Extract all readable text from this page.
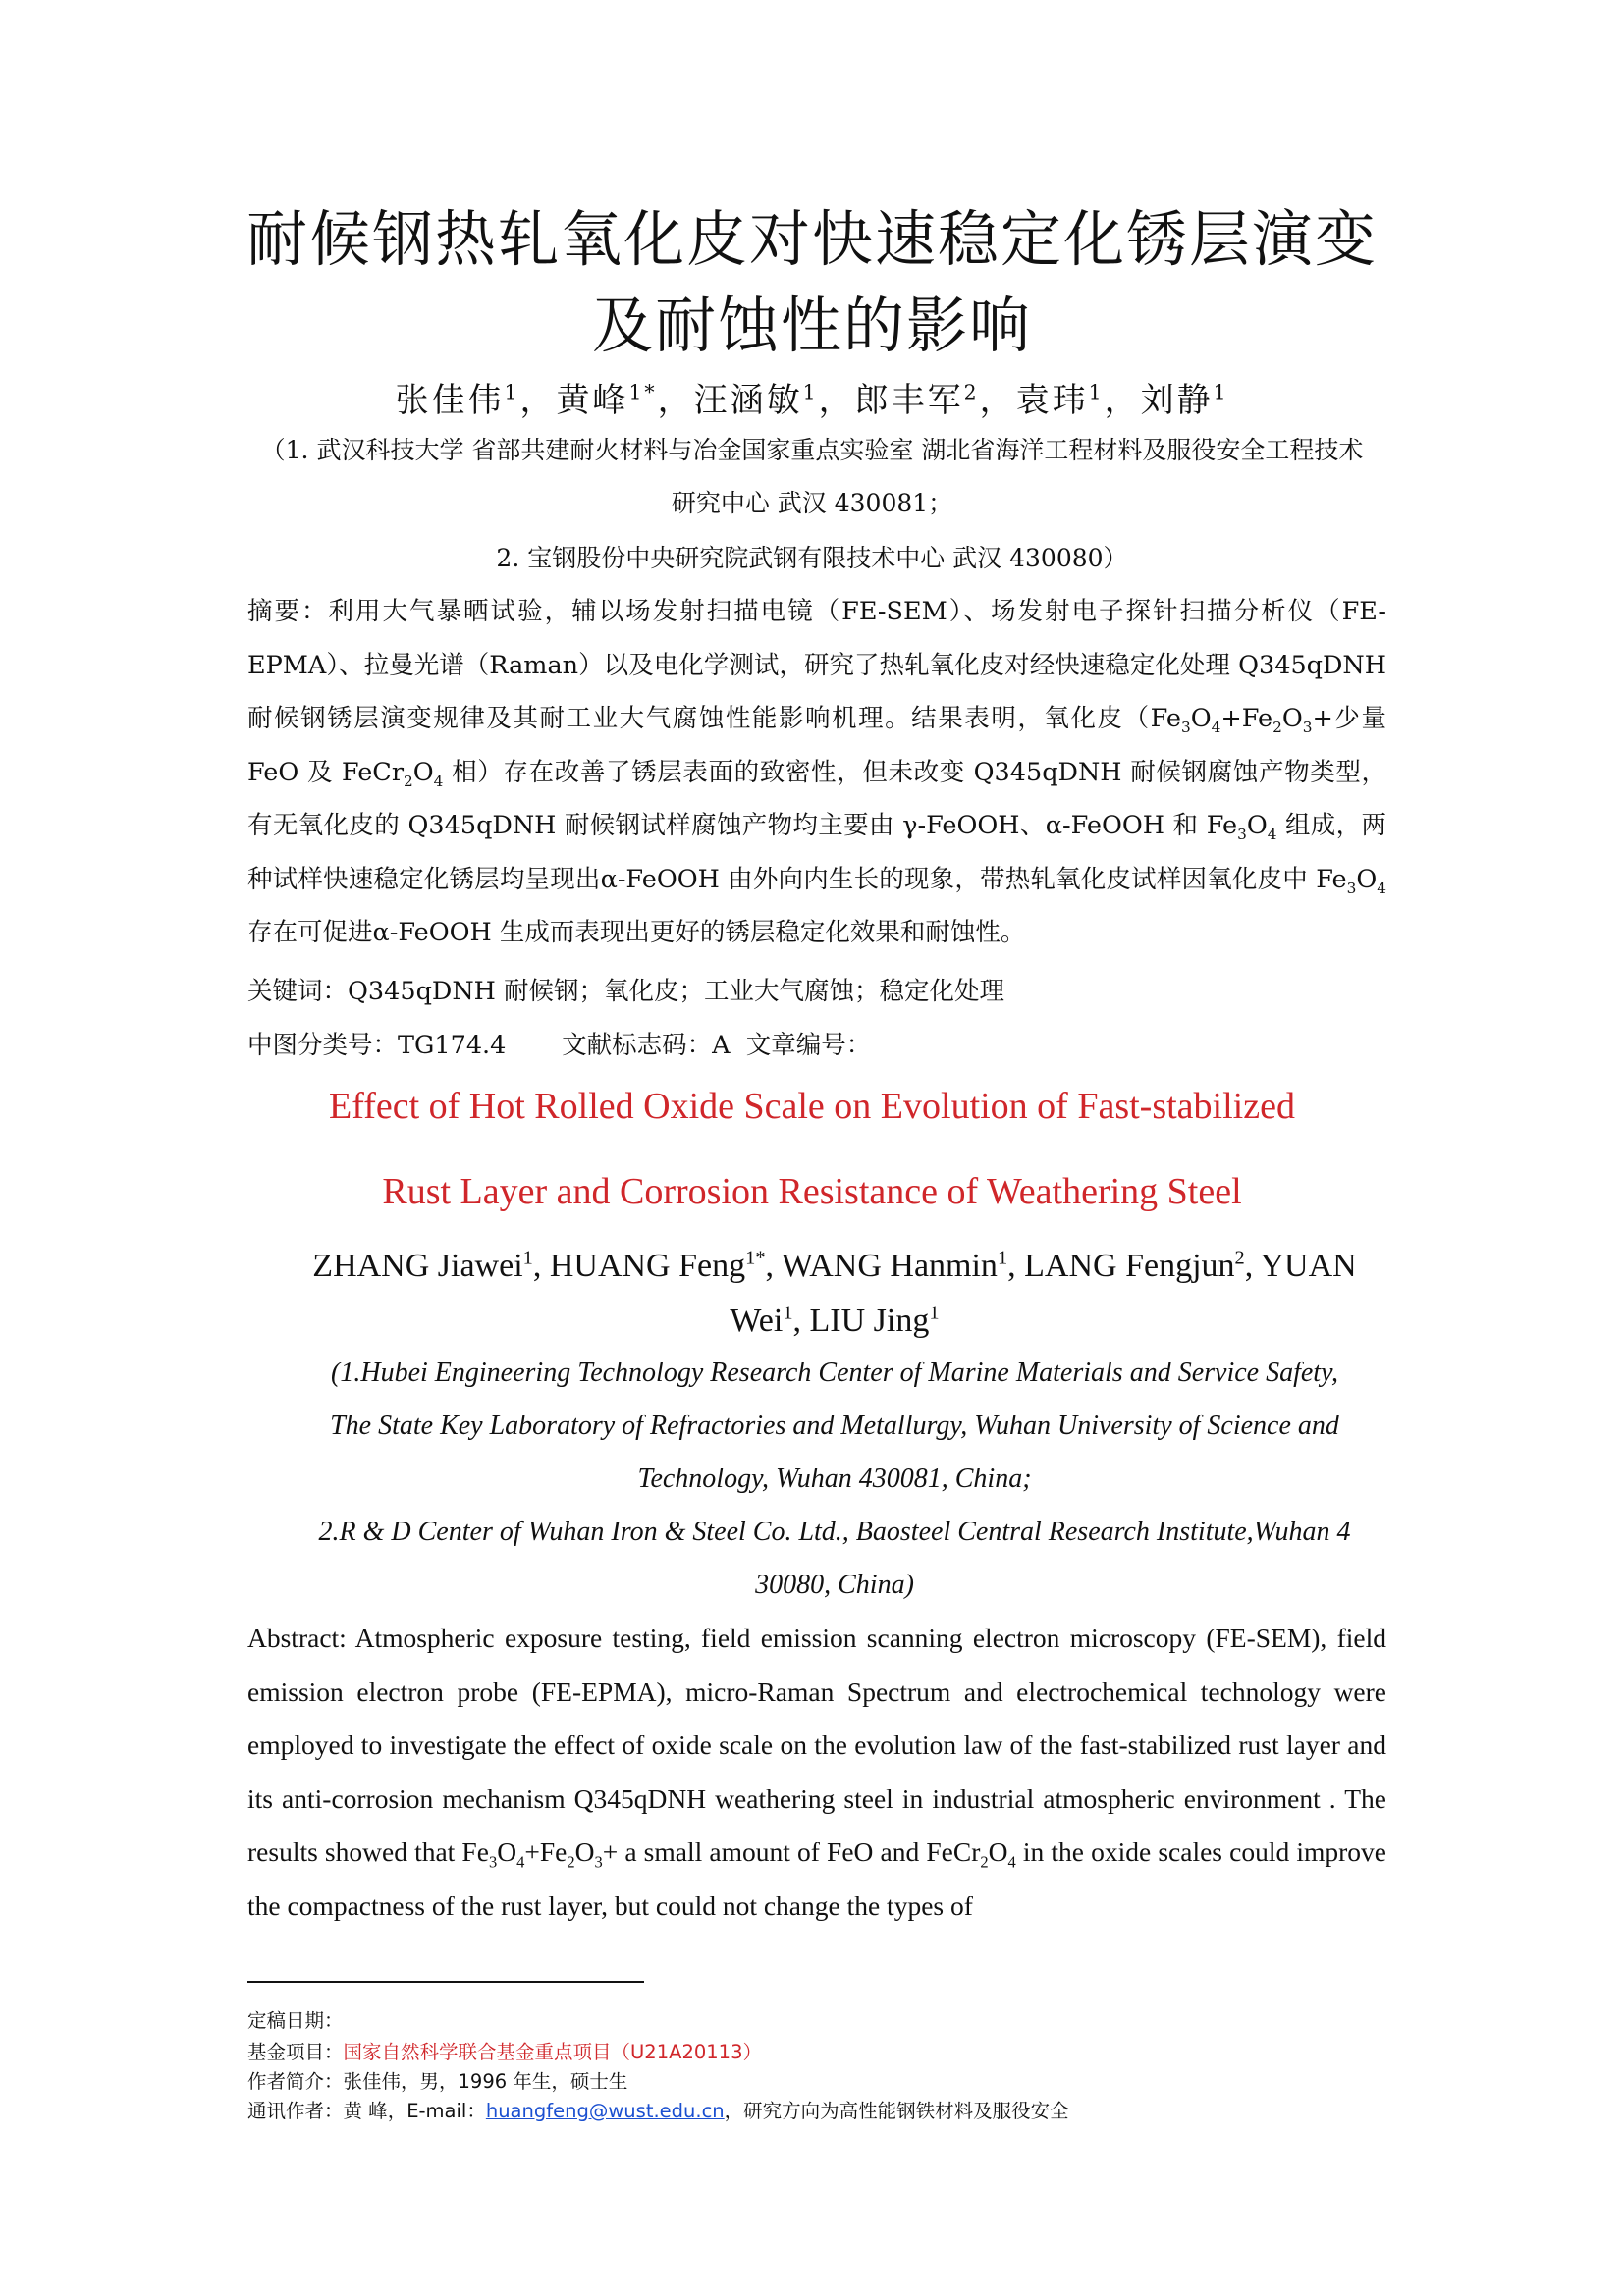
耐候钢热轧氧化皮对快速稳定化锈层演变
及耐蚀性的影响
张佳伟$^1$，黄峰$^{1*}$，汪涵敏$^1$，郎丰军$^2$，袁玮$^1$，刘静$^1$
（1. 武汉科技大学 省部共建耐火材料与冶金国家重点实验室 湖北省海洋工程材料及服役安全工程技术
研究中心 武汉 430081；
2. 宝钢股份中央研究院武钢有限技术中心 武汉 430080）
摘要：利用大气暴晒试验，辅以场发射扫描电镜（FE-SEM）、场发射电子探针扫描分析仪（FE-EPMA）、拉曼光谱（Raman）以及电化学测试，研究了热轧氧化皮对经快速稳定化处理 Q345qDNH 耐候钢锈层演变规律及其耐工业大气腐蚀性能影响机理。结果表明，氧化皮（$Fe_3O_4+Fe_2O_3+$少量 FeO 及 $FeCr_2O_4$ 相）存在改善了锈层表面的致密性，但未改变 Q345qDNH 耐候钢腐蚀产物类型，有无氧化皮的 Q345qDNH 耐候钢试样腐蚀产物均主要由 γ-FeOOH、α-FeOOH 和 $Fe_3O_4$ 组成，两种试样快速稳定化锈层均呈现出α-FeOOH 由外向内生长的现象，带热轧氧化皮试样因氧化皮中 $Fe_3O_4$ 存在可促进α-FeOOH 生成而表现出更好的锈层稳定化效果和耐蚀性。
关键词：Q345qDNH 耐候钢；氧化皮；工业大气腐蚀；稳定化处理
中图分类号：TG174.4 文献标志码：A 文章编号：
Effect of Hot Rolled Oxide Scale on Evolution of Fast-stabilized
Rust Layer and Corrosion Resistance of Weathering Steel
ZHANG Jiawei$^1$, HUANG Feng$^{1*}$, WANG Hanmin$^1$, LANG Fengjun$^2$, YUAN Wei$^1$, LIU Jing$^1$
(1.Hubei Engineering Technology Research Center of Marine Materials and Service Safety,
The State Key Laboratory of Refractories and Metallurgy, Wuhan University of Science and
Technology, Wuhan 430081, China;
2.R & D Center of Wuhan Iron & Steel Co. Ltd., Baosteel Central Research Institute,Wuhan 4
30080, China)
Abstract: Atmospheric exposure testing, field emission scanning electron microscopy (FE-SEM), field emission electron probe (FE-EPMA), micro-Raman Spectrum and electrochemical technology were employed to investigate the effect of oxide scale on the evolution law of the fast-stabilized rust layer and its anti-corrosion mechanism Q345qDNH weathering steel in industrial atmospheric environment . The results showed that $Fe_3O_4+Fe_2O_3+ a$ small amount of FeO and $FeCr_2O_4$ in the oxide scales could improve the compactness of the rust layer, but could not change the types of
定稿日期：
基金项目：国家自然科学联合基金重点项目（U21A20113）
作者简介：张佳伟，男，1996 年生，硕士生
通讯作者：黄 峰，E-mail：huangfeng@wust.edu.cn，研究方向为高性能钢铁材料及服役安全
